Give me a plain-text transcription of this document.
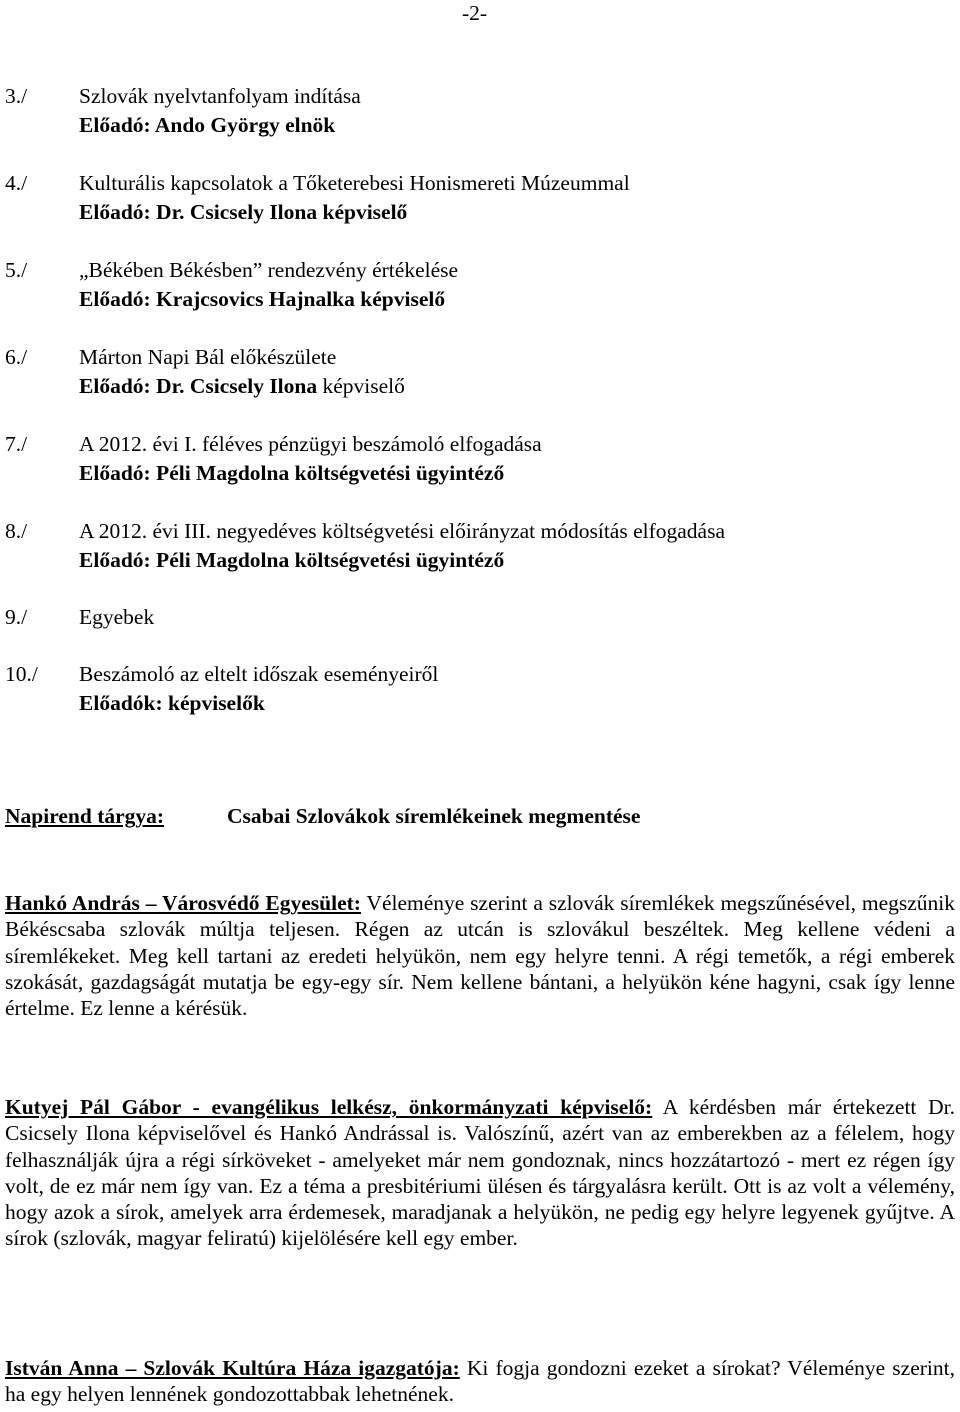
-2-
3./ Szlovák nyelvtanfolyam indítása
Előadó: Ando György elnök
4./ Kulturális kapcsolatok a Tőketerebesi Honismereti Múzeummal
Előadó: Dr. Csicsely Ilona képviselő
5./ „Békében Békésben” rendezvény értékelése
Előadó: Krajcsovics Hajnalka képviselő
6./ Márton Napi Bál előkészülete
Előadó: Dr. Csicsely Ilona képviselő
7./ A 2012. évi I. féléves pénzügyi beszámoló elfogadása
Előadó: Péli Magdolna költségvetési ügyintéző
8./ A 2012. évi III. negyedéves költségvetési előirányzat módosítás elfogadása
Előadó: Péli Magdolna költségvetési ügyintéző
9./ Egyebek
10./ Beszámoló az eltelt időszak eseményeiről
Előadók: képviselők
Napirend tárgya:	Csabai Szlovákok síremlékeinek megmentése
Hankó András – Városvédő Egyesület: Véleménye szerint a szlovák síremlékek megszűnésével, megszűnik Békéscsaba szlovák múltja teljesen. Régen az utcán is szlovákul beszéltek. Meg kellene védeni a síremlékeket. Meg kell tartani az eredeti helyükön, nem egy helyre tenni. A régi temetők, a régi emberek szokását, gazdagságát mutatja be egy-egy sír. Nem kellene bántani, a helyükön kéne hagyni, csak így lenne értelme. Ez lenne a kérésük.
Kutyej Pál Gábor - evangélikus lelkész, önkormányzati képviselő: A kérdésben már értekezett Dr. Csicsely Ilona képviselővel és Hankó Andrással is. Valószínű, azért van az emberekben az a félelem, hogy felhasználják újra a régi sírköveket - amelyeket már nem gondoznak, nincs hozzátartozó - mert ez régen így volt, de ez már nem így van. Ez a téma a presbitériumi ülésen és tárgyalásra került. Ott is az volt a vélemény, hogy azok a sírok, amelyek arra érdemesek, maradjanak a helyükön, ne pedig egy helyre legyenek gyűjtve. A sírok (szlovák, magyar feliratú) kijelölésére kell egy ember.
István Anna – Szlovák Kultúra Háza igazgatója: Ki fogja gondozni ezeket a sírokat? Véleménye szerint, ha egy helyen lennének gondozottabbak lehetnének.
